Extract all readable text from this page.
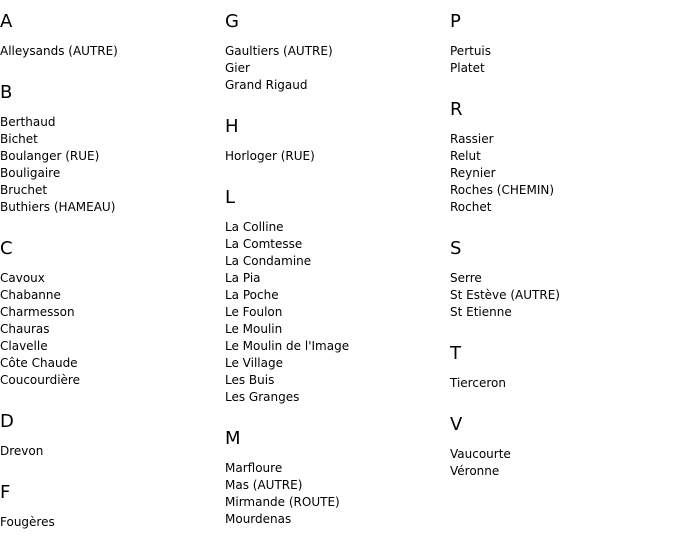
A
Alleysands (AUTRE)
B
Berthaud
Bichet
Boulanger (RUE)
Bouligaire
Bruchet
Buthiers (HAMEAU)
C
Cavoux
Chabanne
Charmesson
Chauras
Clavelle
Côte Chaude
Coucourdière
D
Drevon
F
Fougères
G
Gaultiers (AUTRE)
Gier
Grand Rigaud
H
Horloger (RUE)
L
La Colline
La Comtesse
La Condamine
La Pia
La Poche
Le Foulon
Le Moulin
Le Moulin de l'Image
Le Village
Les Buis
Les Granges
M
Marfloure
Mas (AUTRE)
Mirmande (ROUTE)
Mourdenas
P
Pertuis
Platet
R
Rassier
Relut
Reynier
Roches (CHEMIN)
Rochet
S
Serre
St Estève (AUTRE)
St Etienne
T
Tierceron
V
Vaucourte
Véronne
